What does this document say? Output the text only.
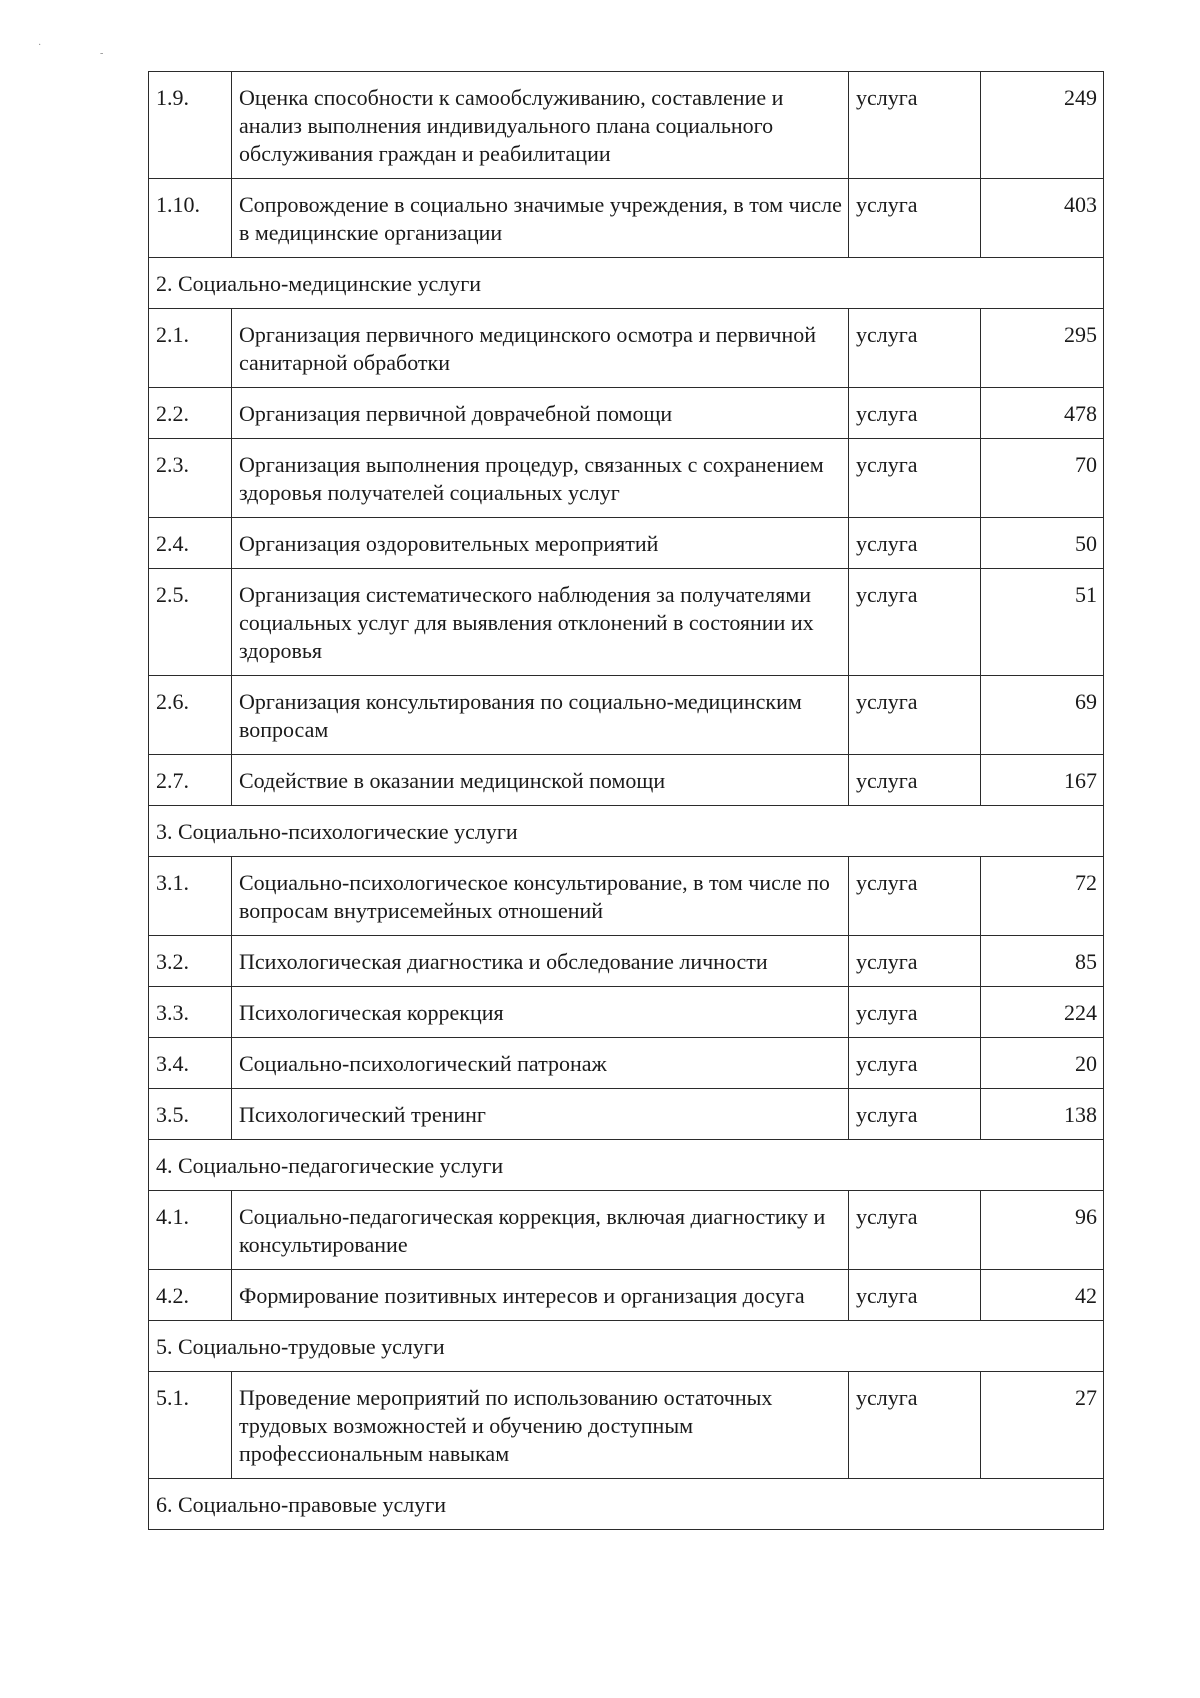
·
-
1.9.	Оценка способности к самообслуживанию, составление и анализ выполнения индивидуального плана социального обслуживания граждан и реабилитации	услуга	249
1.10.	Сопровождение в социально значимые учреждения, в том числе в медицинские организации	услуга	403
2. Социально-медицинские услуги			
2.1.	Организация первичного медицинского осмотра и первичной санитарной обработки	услуга	295
2.2.	Организация первичной доврачебной помощи	услуга	478
2.3.	Организация выполнения процедур, связанных с сохранением здоровья получателей социальных услуг	услуга	70
2.4.	Организация оздоровительных мероприятий	услуга	50
2.5.	Организация систематического наблюдения за получателями социальных услуг для выявления отклонений в состоянии их здоровья	услуга	51
2.6.	Организация консультирования по социально-медицинским вопросам	услуга	69
2.7.	Содействие в оказании медицинской помощи	услуга	167
3. Социально-психологические услуги			
3.1.	Социально-психологическое консультирование, в том числе по вопросам внутрисемейных отношений	услуга	72
3.2.	Психологическая диагностика и обследование личности	услуга	85
3.3.	Психологическая коррекция	услуга	224
3.4.	Социально-психологический патронаж	услуга	20
3.5.	Психологический тренинг	услуга	138
4. Социально-педагогические услуги			
4.1.	Социально-педагогическая коррекция, включая диагностику и консультирование	услуга	96
4.2.	Формирование позитивных интересов и организация досуга	услуга	42
5. Социально-трудовые услуги			
5.1.	Проведение мероприятий по использованию остаточных трудовых возможностей и обучению доступным профессиональным навыкам	услуга	27
6. Социально-правовые услуги			
